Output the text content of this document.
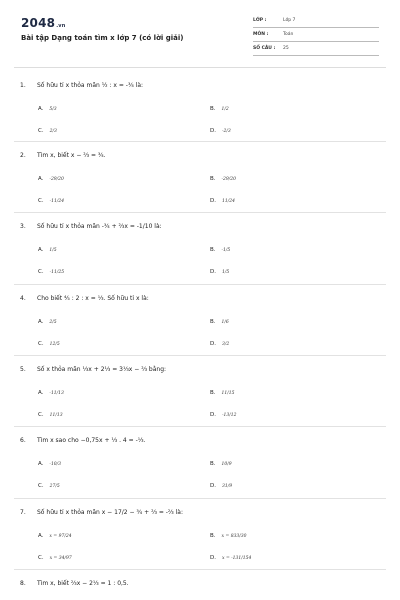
2048.vn
Bài tập Dạng toán tìm x lớp 7 (có lời giải)
LỚP :	Lớp 7
MÔN :	Toán
SỐ CÂU : 25
1. Số hữu tỉ x thỏa mãn ½ : x = -¾ là:
A. 5/3	B. 1/2
C. 2/3	D. -2/3
2. Tìm x, biết x − ⅔ = ¾.
A. -29/20	B. -29/20
C. -11/24	D. 11/24
3. Số hữu tỉ x thỏa mãn -¾ + ⅔x = -1/10 là:
A. 1/5	B. -1/5
C. -11/25	D. 1/5
4. Cho biết ⅘ : 2 : x = ⅓. Số hữu tỉ x là:
A. 2/5	B. 1/6
C. 12/5	D. 3/2
5. Số x thỏa mãn ⅓x + 2⅓ = 3⅓x − ⅔ bằng:
A. -11/13	B. 11/15
C. 11/13	D. -13/12
6. Tìm x sao cho −0,75x + ⅓ . 4 = -⅓.
A. -10/3	B. 10/9
C. 27/5	D. 31/9
7. Số hữu tỉ x thỏa mãn x − 17/2 − ¾ + ⅔ = -⅔ là:
A. x = 97/24	B. x = 833/30
C. x = 34/97	D. x = -131/154
8. Tìm x, biết ⅔x − 2⅓ = 1 : 0,5.
